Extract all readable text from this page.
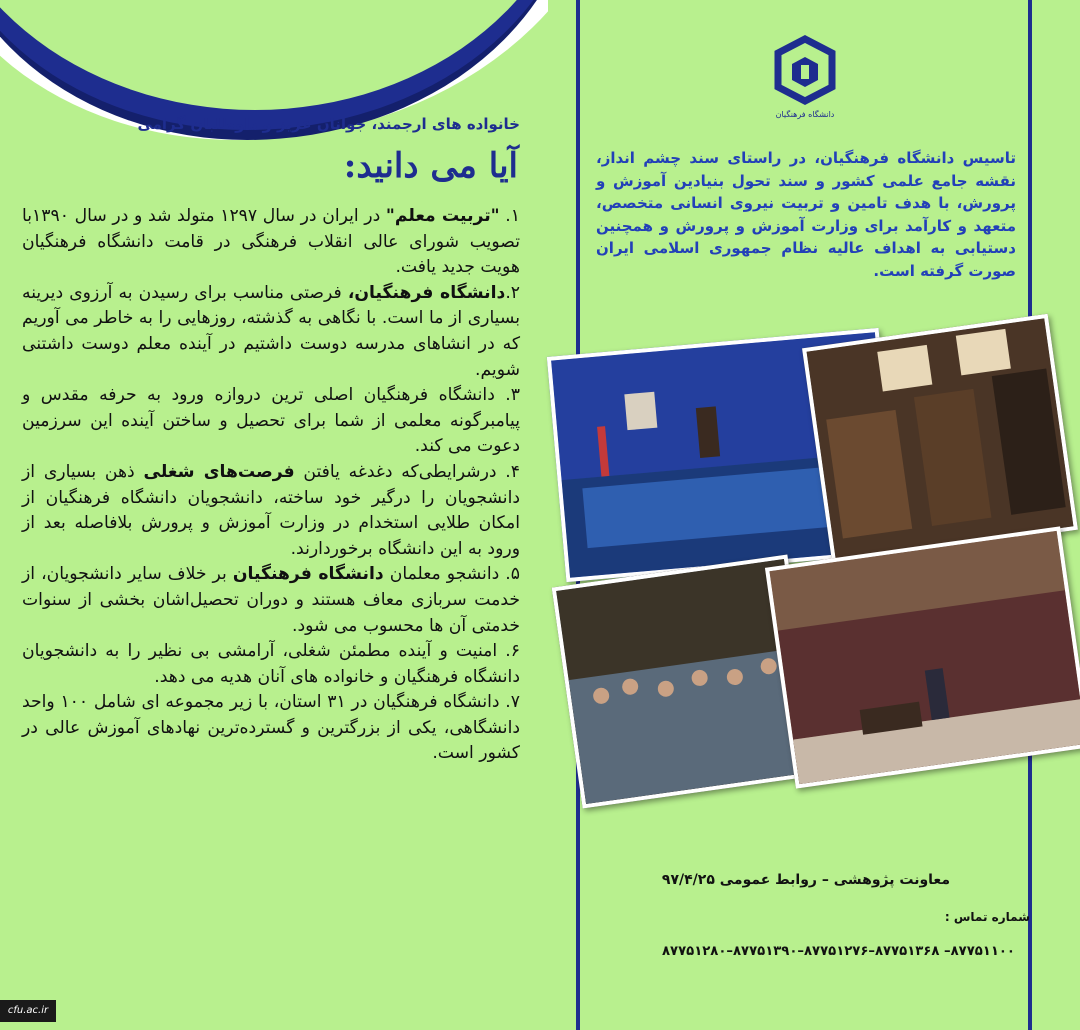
خانواده های ارجمند، جوانان عزیز و داوطلبان گرامی
آیا می دانید:

۱. "تربیت معلم" در ایران در سال ۱۲۹۷ متولد شد و در سال ۱۳۹۰با تصویب شورای عالی انقلاب فرهنگی در قامت دانشگاه فرهنگیان هویت جدید یافت.

۲.دانشگاه فرهنگیان، فرصتی مناسب برای رسیدن به آرزوی دیرینه بسیاری از ما است. با نگاهی به گذشته، روزهایی را به خاطر می آوریم که در انشاهای مدرسه دوست داشتیم در آینده معلم دوست داشتنی شویم.

۳. دانشگاه فرهنگیان اصلی ترین دروازه ورود به حرفه مقدس و پیامبرگونه معلمی از شما برای تحصیل و ساختن آینده این سرزمین دعوت می کند.

۴. درشرایطی‌که دغدغه یافتن فرصت‌های شغلی ذهن بسیاری از دانشجویان را درگیر خود ساخته، دانشجویان دانشگاه فرهنگیان از امکان طلایی استخدام در وزارت آموزش و پرورش بلافاصله بعد از ورود به این دانشگاه برخوردارند.

۵. دانشجو معلمان دانشگاه فرهنگیان بر خلاف سایر دانشجویان، از خدمت سربازی معاف هستند و دوران تحصیل‌اشان بخشی از سنوات خدمتی آن ها محسوب می شود.

۶. امنیت و آینده مطمئن شغلی، آرامشی بی نظیر را به دانشجویان دانشگاه فرهنگیان و خانواده های آنان هدیه می دهد.

۷. دانشگاه فرهنگیان در ۳۱ استان، با زیر مجموعه ای شامل ۱۰۰ واحد دانشگاهی، یکی از بزرگترین و گسترده‌ترین نهادهای آموزش عالی در کشور است.

cfu.ac.ir
دانشگاه فرهنگیان
تاسیس دانشگاه فرهنگیان، در راستای سند چشم انداز، نقشه جامع علمی کشور و سند تحول بنیادین آموزش و پرورش، با هدف تامین و تربیت نیروی انسانی متخصص، متعهد و کارآمد برای وزارت آموزش و پرورش و همچنین دستیابی به اهداف عالیه نظام جمهوری اسلامی ایران صورت گرفته است.
معاونت پژوهشی – روابط عمومی ۹۷/۴/۲۵
شماره تماس :
۸۷۷۵۱۱۰۰– ۸۷۷۵۱۳۶۸–۸۷۷۵۱۲۷۶–۸۷۷۵۱۳۹۰–۸۷۷۵۱۲۸۰
